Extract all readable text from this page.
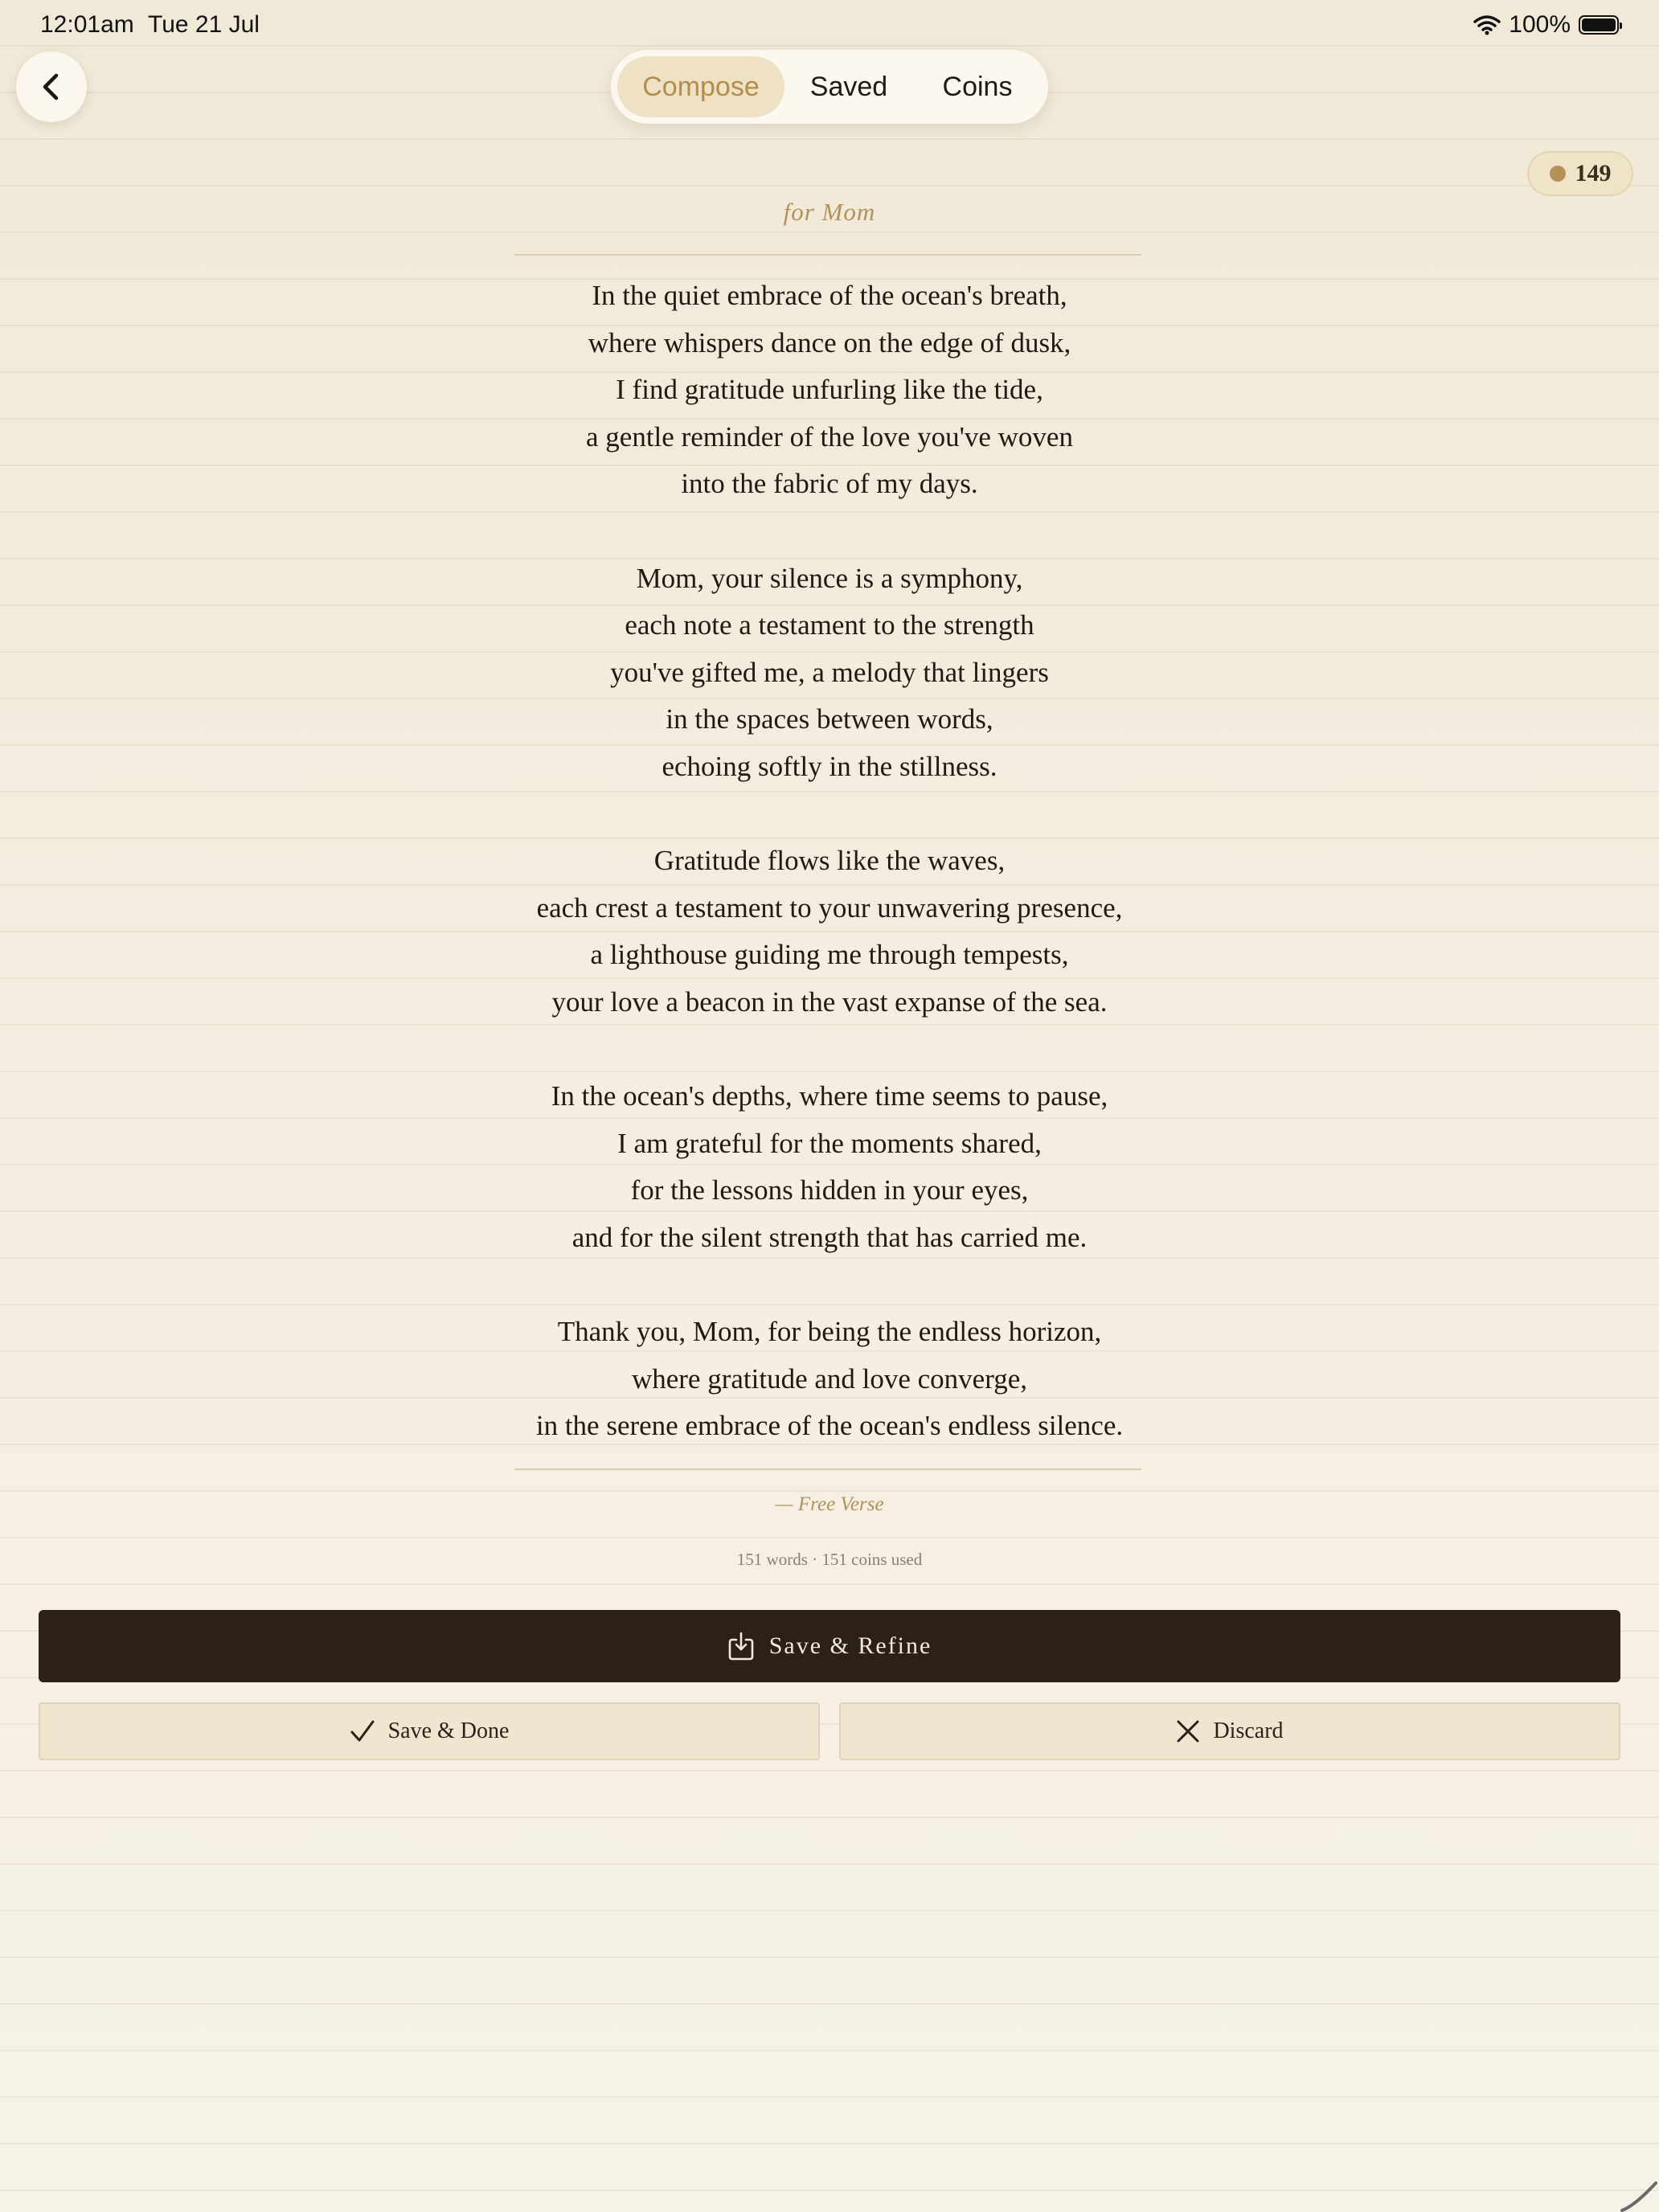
12:01am Tue 21 Jul	100%
Compose	Saved	Coins
149
for Mom
In the quiet embrace of the ocean's breath,
where whispers dance on the edge of dusk,
I find gratitude unfurling like the tide,
a gentle reminder of the love you've woven
into the fabric of my days.
Mom, your silence is a symphony,
each note a testament to the strength
you've gifted me, a melody that lingers
in the spaces between words,
echoing softly in the stillness.
Gratitude flows like the waves,
each crest a testament to your unwavering presence,
a lighthouse guiding me through tempests,
your love a beacon in the vast expanse of the sea.
In the ocean's depths, where time seems to pause,
I am grateful for the moments shared,
for the lessons hidden in your eyes,
and for the silent strength that has carried me.
Thank you, Mom, for being the endless horizon,
where gratitude and love converge,
in the serene embrace of the ocean's endless silence.
— Free Verse
151 words · 151 coins used
Save & Refine
Save & Done	Discard
